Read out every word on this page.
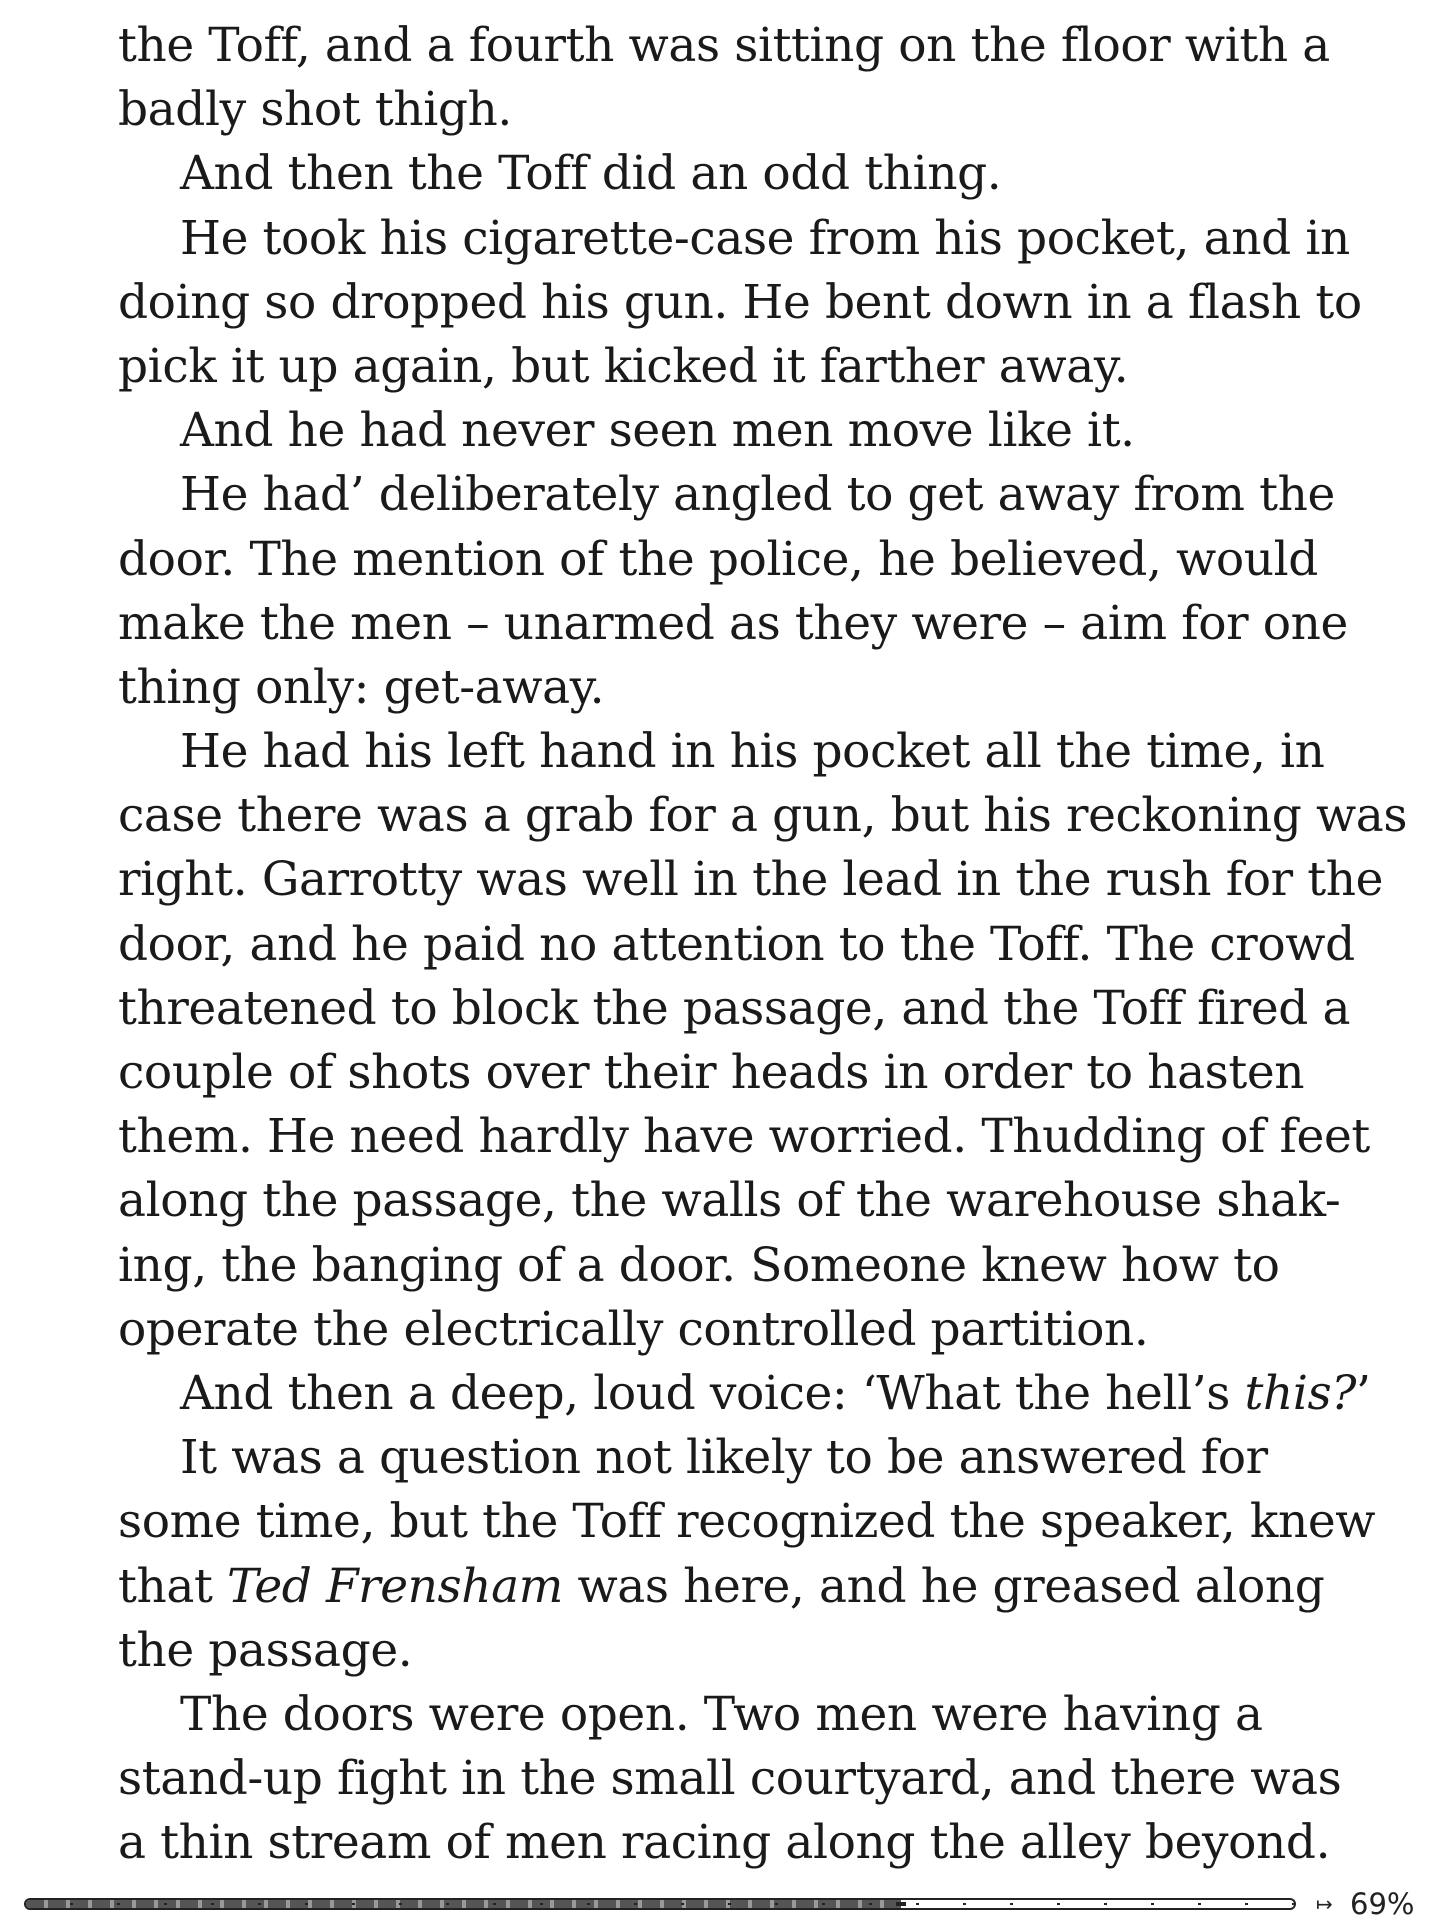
the Toff, and a fourth was sitting on the floor with a
badly shot thigh.
And then the Toff did an odd thing.
He took his cigarette-case from his pocket, and in
doing so dropped his gun. He bent down in a flash to
pick it up again, but kicked it farther away.
And he had never seen men move like it.
He had’ deliberately angled to get away from the
door. The mention of the police, he believed, would
make the men – unarmed as they were – aim for one
thing only: get-away.
He had his left hand in his pocket all the time, in
case there was a grab for a gun, but his reckoning was
right. Garrotty was well in the lead in the rush for the
door, and he paid no attention to the Toff. The crowd
threatened to block the passage, and the Toff fired a
couple of shots over their heads in order to hasten
them. He need hardly have worried. Thudding of feet
along the passage, the walls of the warehouse shak-
ing, the banging of a door. Someone knew how to
operate the electrically controlled partition.
And then a deep, loud voice: ‘What the hell’s this?’
It was a question not likely to be answered for
some time, but the Toff recognized the speaker, knew
that Ted Frensham was here, and he greased along
the passage.
The doors were open. Two men were having a
stand-up fight in the small courtyard, and there was
a thin stream of men racing along the alley beyond.
↦ 69%
